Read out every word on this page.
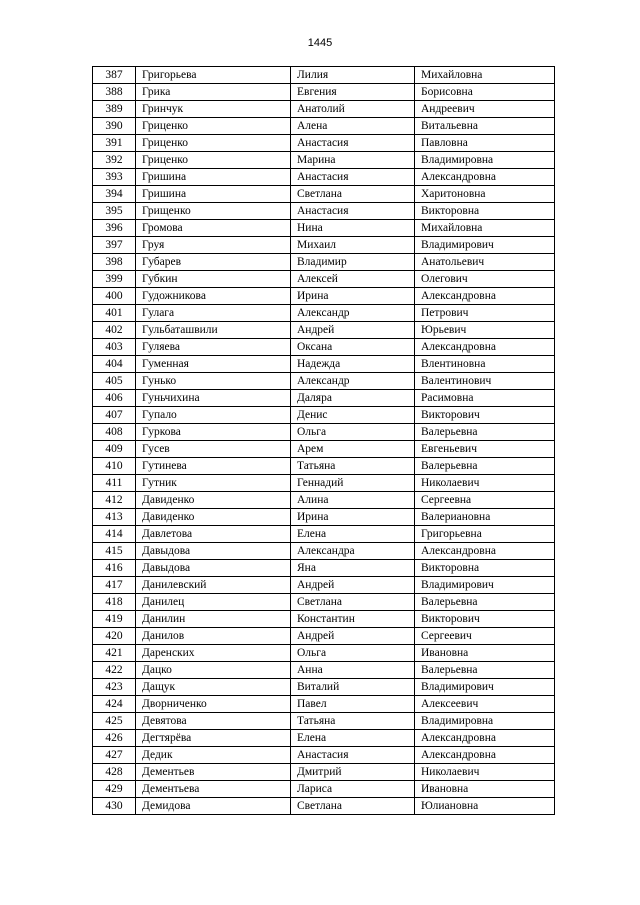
1445
387	Григорьева	Лилия	Михайловна
388	Грика	Евгения	Борисовна
389	Гринчук	Анатолий	Андреевич
390	Гриценко	Алена	Витальевна
391	Гриценко	Анастасия	Павловна
392	Гриценко	Марина	Владимировна
393	Гришина	Анастасия	Александровна
394	Гришина	Светлана	Харитоновна
395	Грищенко	Анастасия	Викторовна
396	Громова	Нина	Михайловна
397	Груя	Михаил	Владимирович
398	Губарев	Владимир	Анатольевич
399	Губкин	Алексей	Олегович
400	Гудожникова	Ирина	Александровна
401	Гулага	Александр	Петрович
402	Гульбаташвили	Андрей	Юрьевич
403	Гуляева	Оксана	Александровна
404	Гуменная	Надежда	Влентиновна
405	Гунько	Александр	Валентинович
406	Гуньчихина	Даляра	Расимовна
407	Гупало	Денис	Викторович
408	Гуркова	Ольга	Валерьевна
409	Гусев	Арем	Евгеньевич
410	Гутинева	Татьяна	Валерьевна
411	Гутник	Геннадий	Николаевич
412	Давиденко	Алина	Сергеевна
413	Давиденко	Ирина	Валериановна
414	Давлетова	Елена	Григорьевна
415	Давыдова	Александра	Александровна
416	Давыдова	Яна	Викторовна
417	Данилевский	Андрей	Владимирович
418	Данилец	Светлана	Валерьевна
419	Данилин	Константин	Викторович
420	Данилов	Андрей	Сергеевич
421	Даренских	Ольга	Ивановна
422	Дацко	Анна	Валерьевна
423	Дащук	Виталий	Владимирович
424	Дворниченко	Павел	Алексеевич
425	Девятова	Татьяна	Владимировна
426	Дегтярёва	Елена	Александровна
427	Дедик	Анастасия	Александровна
428	Дементьев	Дмитрий	Николаевич
429	Дементьева	Лариса	Ивановна
430	Демидова	Светлана	Юлиановна
